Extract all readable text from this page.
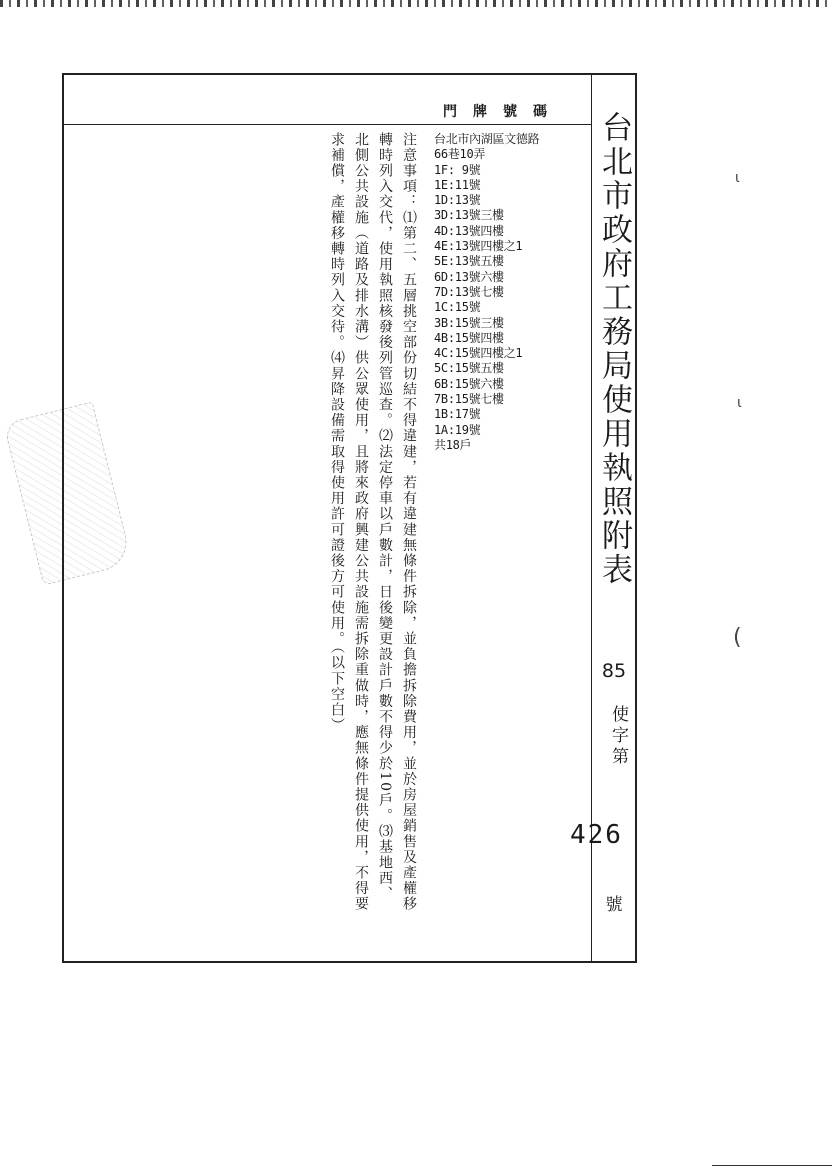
ι
ι
(
門牌號碼
台北市內湖區文德路
66巷10弄
1F: 9號
1E:11號
1D:13號
3D:13號三樓
4D:13號四樓
4E:13號四樓之1
5E:13號五樓
6D:13號六樓
7D:13號七樓
1C:15號
3B:15號三樓
4B:15號四樓
4C:15號四樓之1
5C:15號五樓
6B:15號六樓
7B:15號七樓
1B:17號
1A:19號
共18戶
注意事項：⑴第二、五層挑空部份切結不得違建，若有違建無條件拆除，並負擔拆除費用，並於房屋銷售及產權移轉時列入交代，使用執照核發後列管巡查。⑵法定停車以戶數計，日後變更設計戶數不得少於10戶。⑶基地西、北側公共設施（道路及排水溝）供公眾使用，且將來政府興建公共設施需拆除重做時，應無條件提供使用，不得要求補償，產權移轉時列入交待。⑷昇降設備需取得使用許可證後方可使用。（以下空白）	台北市政府工務局使用執照附表
85
使字第
426
號
